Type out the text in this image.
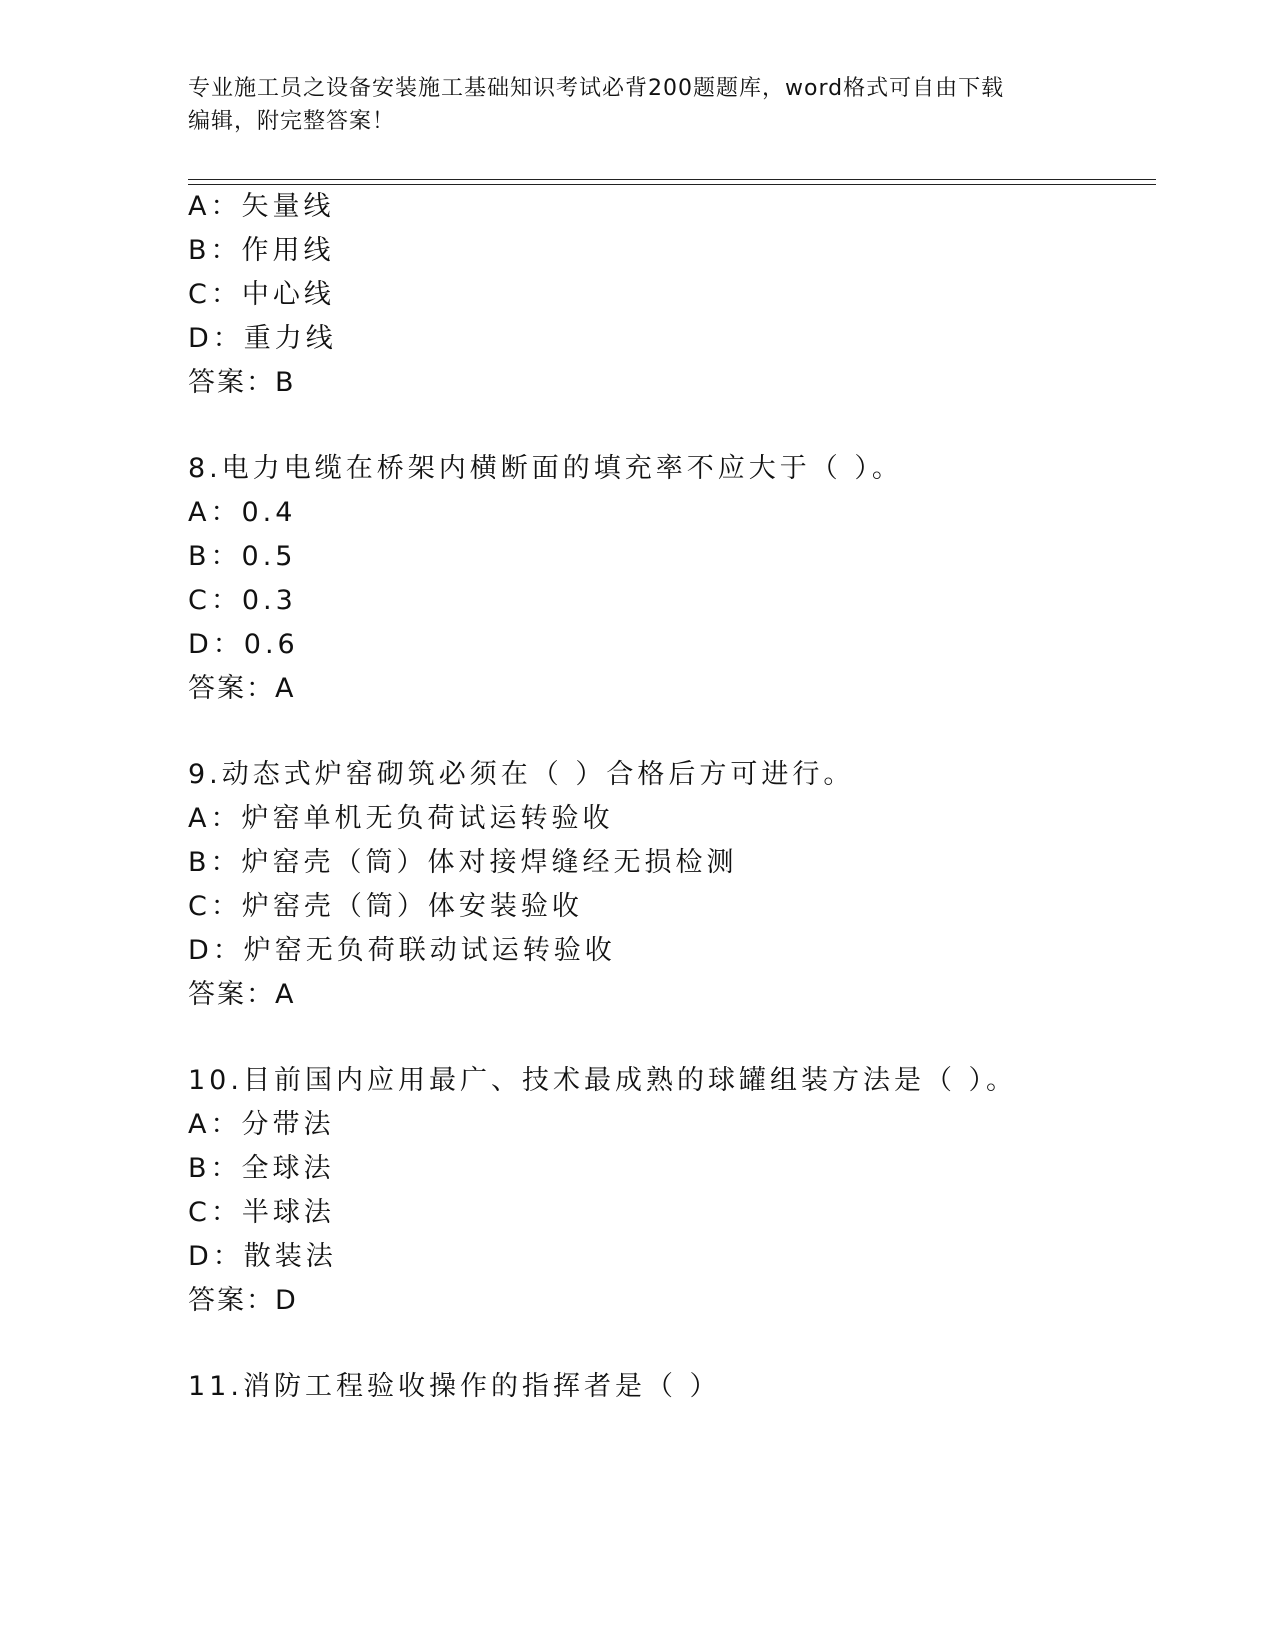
专业施工员之设备安装施工基础知识考试必背200题题库，word格式可自由下载
编辑，附完整答案！
A：矢量线
B：作用线
C：中心线
D：重力线
答案：B
8.电力电缆在桥架内横断面的填充率不应大于（ ）。
A：0.4
B：0.5
C：0.3
D：0.6
答案：A
9.动态式炉窑砌筑必须在（ ）合格后方可进行。
A：炉窑单机无负荷试运转验收
B：炉窑壳（筒）体对接焊缝经无损检测
C：炉窑壳（筒）体安装验收
D：炉窑无负荷联动试运转验收
答案：A
10.目前国内应用最广、技术最成熟的球罐组装方法是（ ）。
A：分带法
B：全球法
C：半球法
D：散装法
答案：D
11.消防工程验收操作的指挥者是（ ）
